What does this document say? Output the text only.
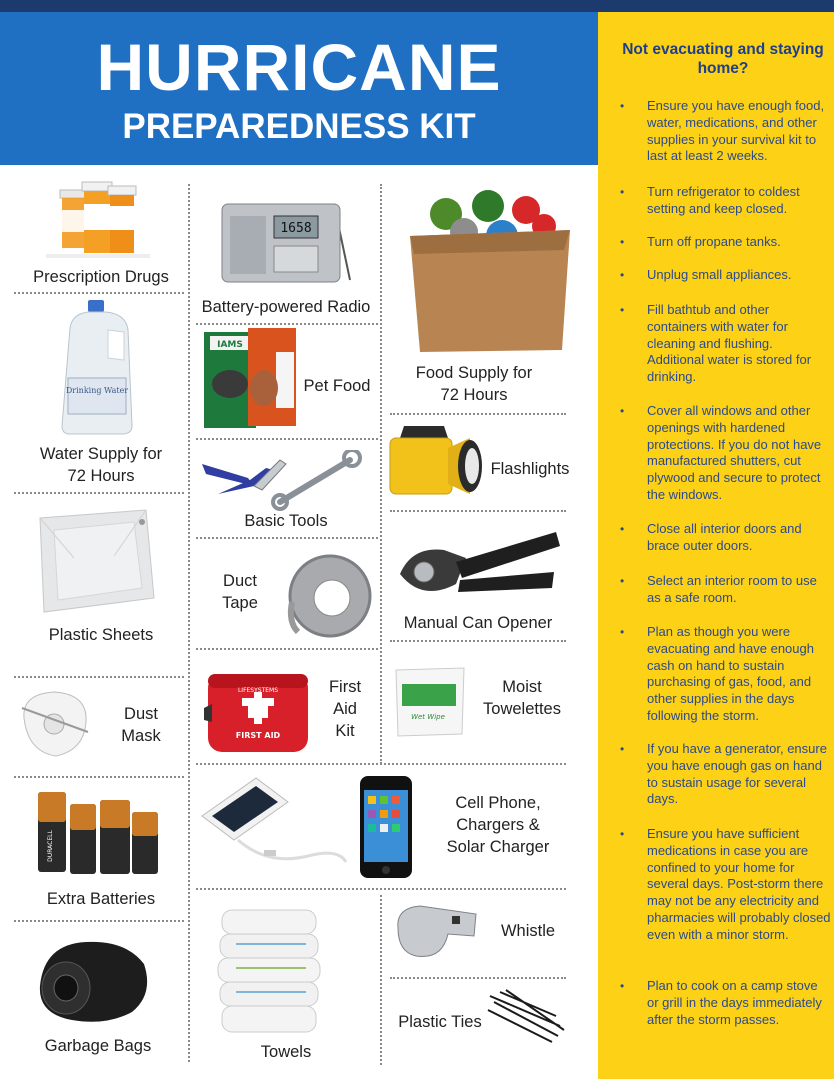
HURRICANE
PREPAREDNESS KIT
Prescription Drugs
Drinking Water
Water Supply for
72 Hours
Plastic Sheets
Dust
Mask
DURACELL
Extra Batteries
Garbage Bags
1658
Battery-powered Radio
IAMS
Pet Food
Basic Tools
Duct
Tape
LIFESYSTEMS
FIRST AID
First
Aid
Kit
Food Supply for
72 Hours
Flashlights
Manual Can Opener
Wet Wipe
Moist
Towelettes
Cell Phone,
Chargers &
Solar Charger
Towels
Whistle
Plastic Ties
Not evacuating and staying home?
•	Ensure you have enough food, water, medications, and other supplies in your survival kit to last at least 2 weeks.
•	Turn refrigerator to coldest setting and keep closed.
•	Turn off propane tanks.
•	Unplug small appliances.
•	Fill bathtub and other containers with water for cleaning and flushing. Additional water is stored for drinking.
•	Cover all windows and other openings with hardened protections. If you do not have manufactured shutters, cut plywood and secure to protect the windows.
•	Close all interior doors and brace outer doors.
•	Select an interior room to use as a safe room.
•	Plan as though you were evacuating and have enough cash on hand to sustain purchasing of gas, food, and other supplies in the days following the storm.
•	If you have a generator, ensure you have enough gas on hand to sustain usage for several days.
•	Ensure you have sufficient medications in case you are confined to your home for several days. Post-storm there may not be any electricity and pharmacies will probably closed even with a minor storm.
•	Plan to cook on a camp stove or grill in the days immediately after the storm passes.
